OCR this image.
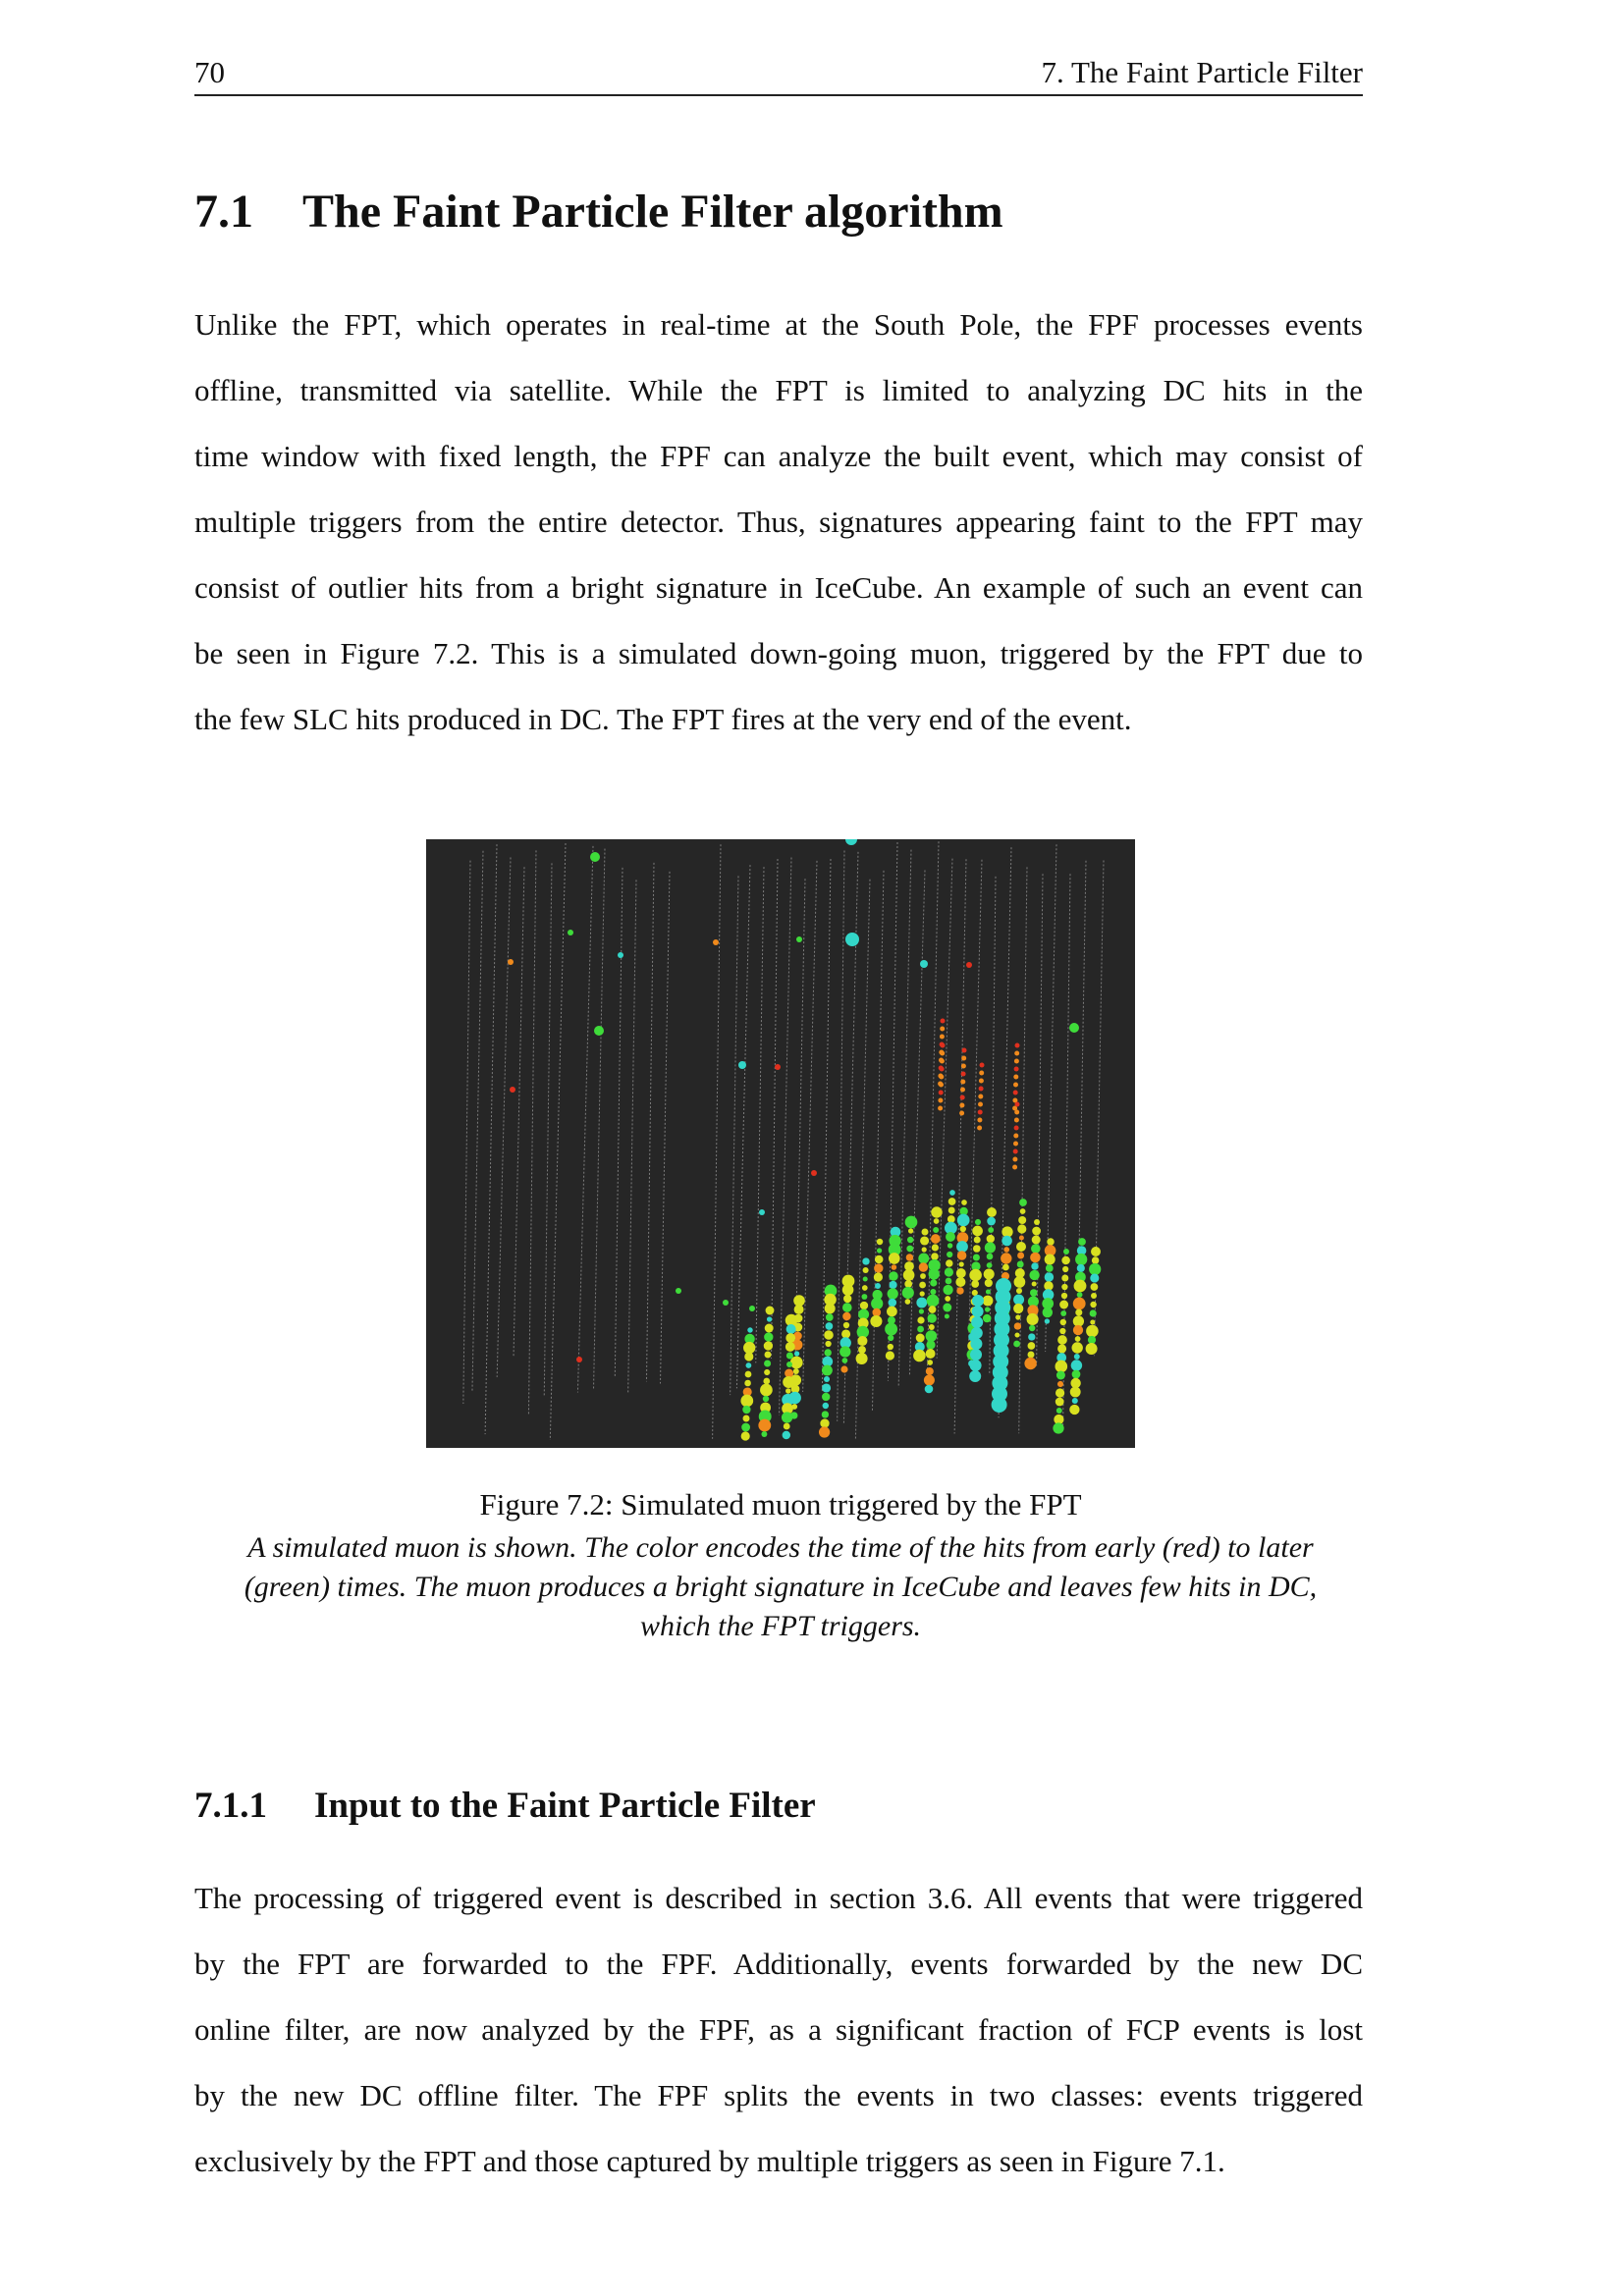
70	7. The Faint Particle Filter
7.1 The Faint Particle Filter algorithm
Unlike the FPT, which operates in real-time at the South Pole, the FPF processes events
offline, transmitted via satellite. While the FPT is limited to analyzing DC hits in the
time window with fixed length, the FPF can analyze the built event, which may consist of
multiple triggers from the entire detector. Thus, signatures appearing faint to the FPT may
consist of outlier hits from a bright signature in IceCube. An example of such an event can
be seen in Figure 7.2. This is a simulated down-going muon, triggered by the FPT due to
the few SLC hits produced in DC. The FPT fires at the very end of the event.
Figure 7.2: Simulated muon triggered by the FPT
A simulated muon is shown. The color encodes the time of the hits from early (red) to later
(green) times. The muon produces a bright signature in IceCube and leaves few hits in DC,
which the FPT triggers.
7.1.1 Input to the Faint Particle Filter
The processing of triggered event is described in section 3.6. All events that were triggered
by the FPT are forwarded to the FPF. Additionally, events forwarded by the new DC
online filter, are now analyzed by the FPF, as a significant fraction of FCP events is lost
by the new DC offline filter. The FPF splits the events in two classes: events triggered
exclusively by the FPT and those captured by multiple triggers as seen in Figure 7.1.
